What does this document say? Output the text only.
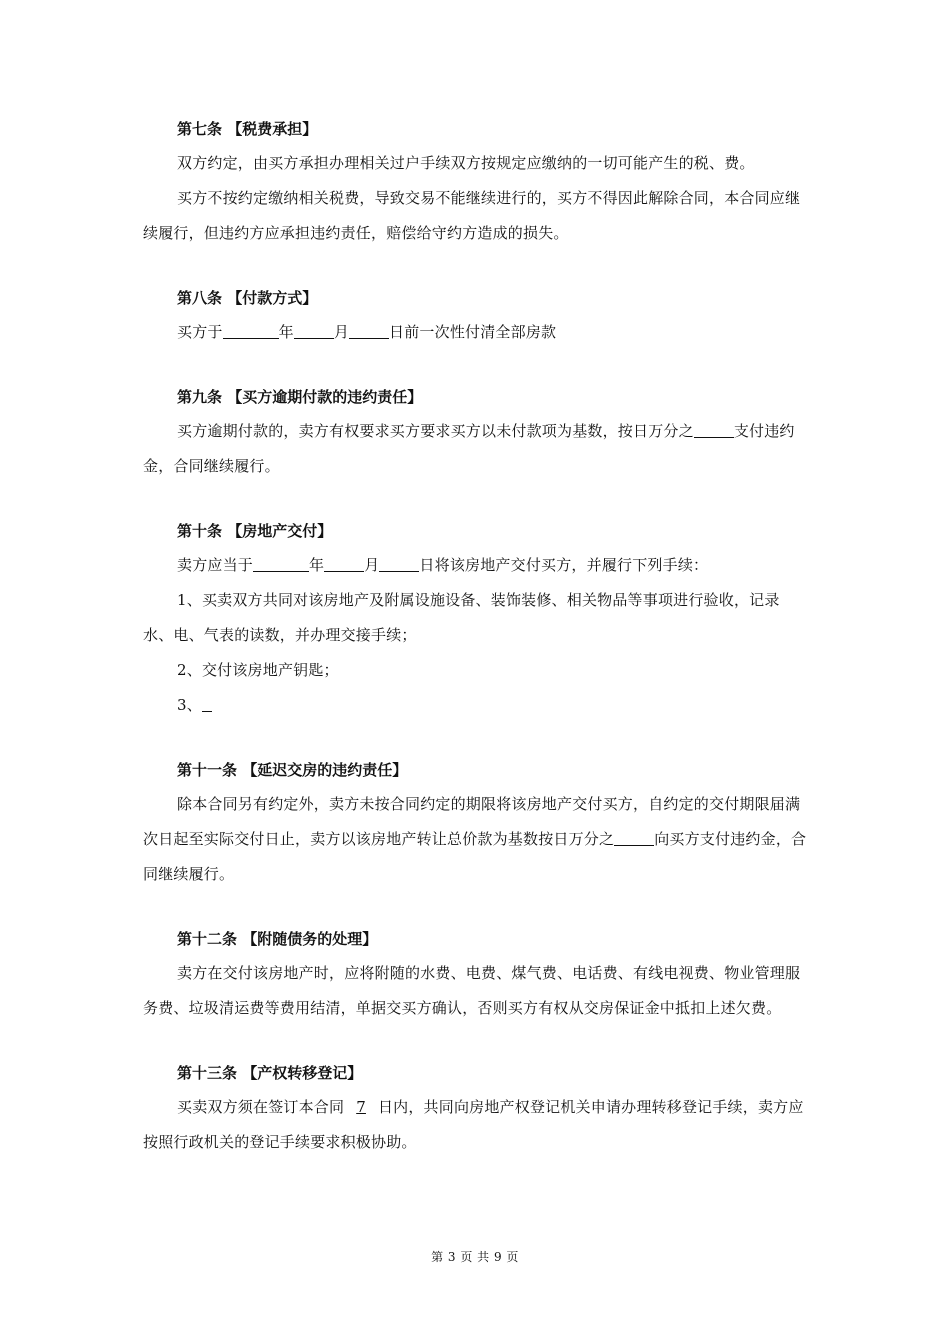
第七条 【税费承担】

双方约定，由买方承担办理相关过户手续双方按规定应缴纳的一切可能产生的税、费。

买方不按约定缴纳相关税费，导致交易不能继续进行的，买方不得因此解除合同，本合同应继续履行，但违约方应承担违约责任，赔偿给守约方造成的损失。

第八条 【付款方式】

买方于	年	月	日前一次性付清全部房款

第九条 【买方逾期付款的违约责任】

买方逾期付款的，卖方有权要求买方要求买方以未付款项为基数，按日万分之	支付违约金，合同继续履行。

第十条 【房地产交付】

卖方应当于	年	月	日将该房地产交付买方，并履行下列手续：

1、买卖双方共同对该房地产及附属设施设备、装饰装修、相关物品等事项进行验收，记录水、电、气表的读数，并办理交接手续；

2、交付该房地产钥匙；

3、

第十一条 【延迟交房的违约责任】

除本合同另有约定外，卖方未按合同约定的期限将该房地产交付买方，自约定的交付期限届满次日起至实际交付日止，卖方以该房地产转让总价款为基数按日万分之	向买方支付违约金，合同继续履行。

第十二条 【附随债务的处理】

卖方在交付该房地产时，应将附随的水费、电费、煤气费、电话费、有线电视费、物业管理服务费、垃圾清运费等费用结清，单据交买方确认，否则买方有权从交房保证金中抵扣上述欠费。

第十三条 【产权转移登记】

买卖双方须在签订本合同 7 日内，共同向房地产权登记机关申请办理转移登记手续，卖方应按照行政机关的登记手续要求积极协助。

第 3 页 共 9 页
